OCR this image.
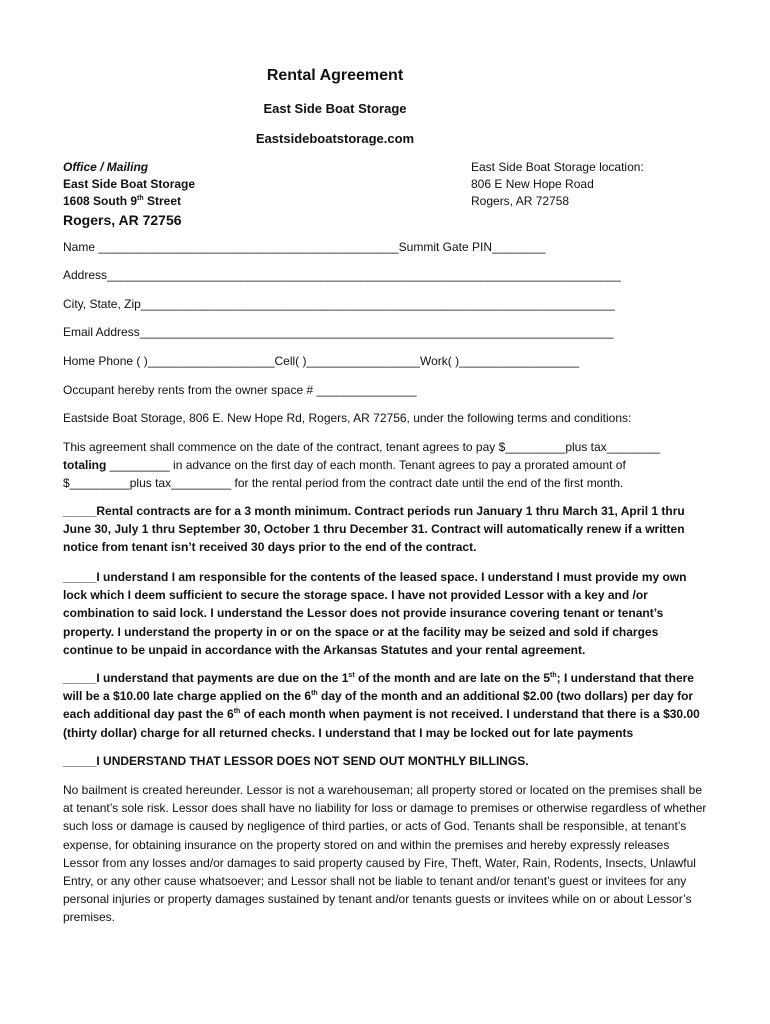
Rental Agreement
East Side Boat Storage
Eastsideboatstorage.com
Office / Mailing
East Side Boat Storage
1608 South 9th Street
Rogers, AR 72756
East Side Boat Storage location:
806 E New Hope Road
Rogers, AR 72758
Name _____________________________________________Summit Gate PIN________
Address_____________________________________________________________________________
City, State, Zip_______________________________________________________________________
Email Address_______________________________________________________________________
Home Phone ( )___________________Cell( )_________________Work( )__________________
Occupant hereby rents from the owner space # _______________
Eastside Boat Storage, 806 E. New Hope Rd, Rogers, AR 72756, under the following terms and conditions:
This agreement shall commence on the date of the contract, tenant agrees to pay $_________plus tax________
totaling _________ in advance on the first day of each month. Tenant agrees to pay a prorated amount of
$_________plus tax_________ for the rental period from the contract date until the end of the first month.
_____Rental contracts are for a 3 month minimum. Contract periods run January 1 thru March 31, April 1 thru June 30, July 1 thru September 30, October 1 thru December 31. Contract will automatically renew if a written notice from tenant isn’t received 30 days prior to the end of the contract.
_____I understand I am responsible for the contents of the leased space. I understand I must provide my own lock which I deem sufficient to secure the storage space. I have not provided Lessor with a key and /or combination to said lock. I understand the Lessor does not provide insurance covering tenant or tenant’s property. I understand the property in or on the space or at the facility may be seized and sold if charges continue to be unpaid in accordance with the Arkansas Statutes and your rental agreement.
_____I understand that payments are due on the 1st of the month and are late on the 5th; I understand that there will be a $10.00 late charge applied on the 6th day of the month and an additional $2.00 (two dollars) per day for each additional day past the 6th of each month when payment is not received. I understand that there is a $30.00 (thirty dollar) charge for all returned checks. I understand that I may be locked out for late payments
_____I UNDERSTAND THAT LESSOR DOES NOT SEND OUT MONTHLY BILLINGS.
No bailment is created hereunder. Lessor is not a warehouseman; all property stored or located on the premises shall be at tenant’s sole risk. Lessor does shall have no liability for loss or damage to premises or otherwise regardless of whether such loss or damage is caused by negligence of third parties, or acts of God. Tenants shall be responsible, at tenant’s expense, for obtaining insurance on the property stored on and within the premises and hereby expressly releases Lessor from any losses and/or damages to said property caused by Fire, Theft, Water, Rain, Rodents, Insects, Unlawful Entry, or any other cause whatsoever; and Lessor shall not be liable to tenant and/or tenant’s guest or invitees for any personal injuries or property damages sustained by tenant and/or tenants guests or invitees while on or about Lessor’s premises.
